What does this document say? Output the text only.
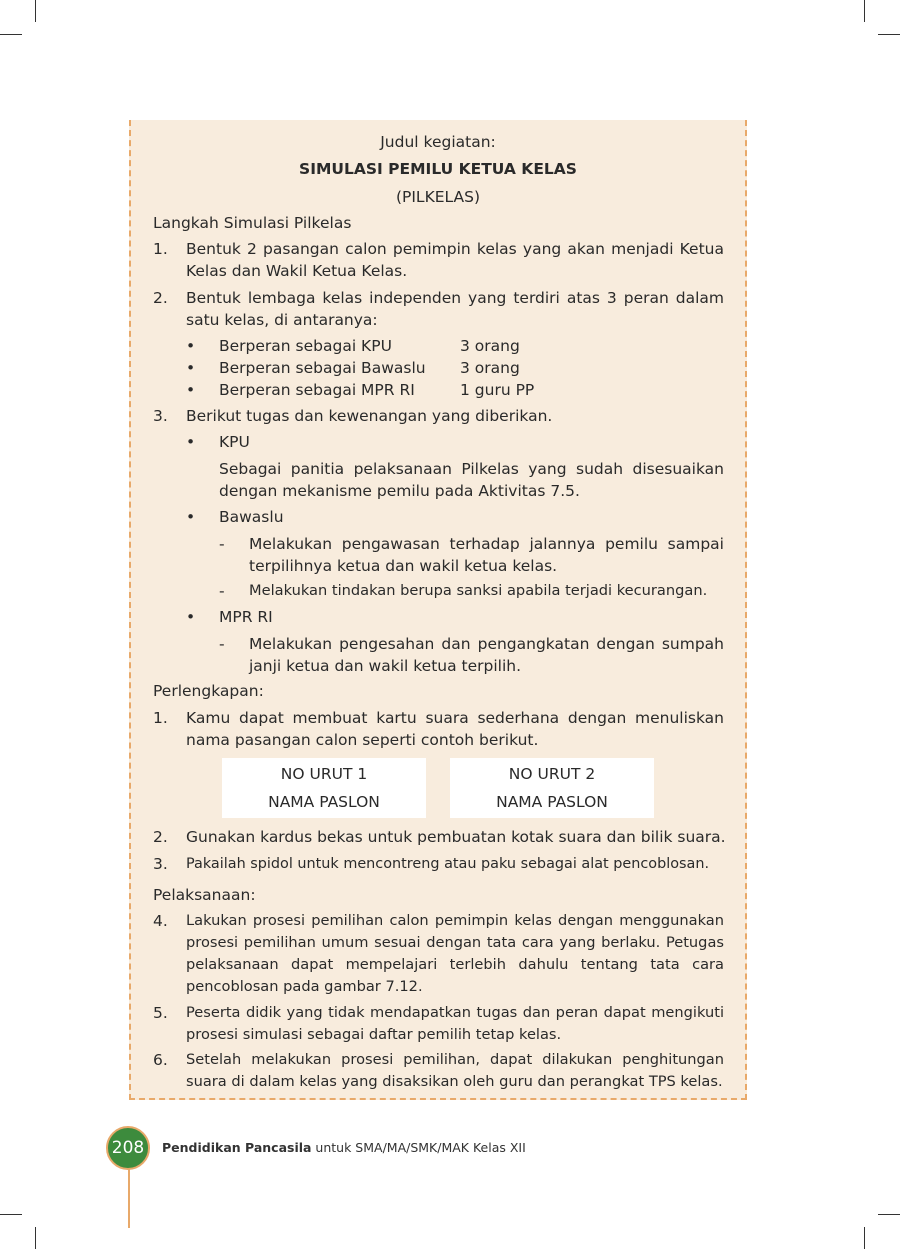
Judul kegiatan:
SIMULASI PEMILU KETUA KELAS
(PILKELAS)
Langkah Simulasi Pilkelas
1. Bentuk 2 pasangan calon pemimpin kelas yang akan menjadi Ketua Kelas dan Wakil Ketua Kelas.
2. Bentuk lembaga kelas independen yang terdiri atas 3 peran dalam satu kelas, di antaranya:
• Berperan sebagai KPU	3 orang
• Berperan sebagai Bawaslu 3 orang
• Berperan sebagai MPR RI	1 guru PP
3. Berikut tugas dan kewenangan yang diberikan.
• KPU
Sebagai panitia pelaksanaan Pilkelas yang sudah disesuaikan dengan mekanisme pemilu pada Aktivitas 7.5.
• Bawaslu
- Melakukan pengawasan terhadap jalannya pemilu sampai terpilihnya ketua dan wakil ketua kelas.
- Melakukan tindakan berupa sanksi apabila terjadi kecurangan.
• MPR RI
- Melakukan pengesahan dan pengangkatan dengan sumpah janji ketua dan wakil ketua terpilih.
Perlengkapan:
1. Kamu dapat membuat kartu suara sederhana dengan menuliskan nama pasangan calon seperti contoh berikut.
NO URUT 1
NAMA PASLON
NO URUT 2
NAMA PASLON
2. Gunakan kardus bekas untuk pembuatan kotak suara dan bilik suara.
3. Pakailah spidol untuk mencontreng atau paku sebagai alat pencoblosan.
Pelaksanaan:
4. Lakukan prosesi pemilihan calon pemimpin kelas dengan menggunakan prosesi pemilihan umum sesuai dengan tata cara yang berlaku. Petugas pelaksanaan dapat mempelajari terlebih dahulu tentang tata cara pencoblosan pada gambar 7.12.
5. Peserta didik yang tidak mendapatkan tugas dan peran dapat mengikuti prosesi simulasi sebagai daftar pemilih tetap kelas.
6. Setelah melakukan prosesi pemilihan, dapat dilakukan penghitungan suara di dalam kelas yang disaksikan oleh guru dan perangkat TPS kelas.
208	Pendidikan Pancasila untuk SMA/MA/SMK/MAK Kelas XII
